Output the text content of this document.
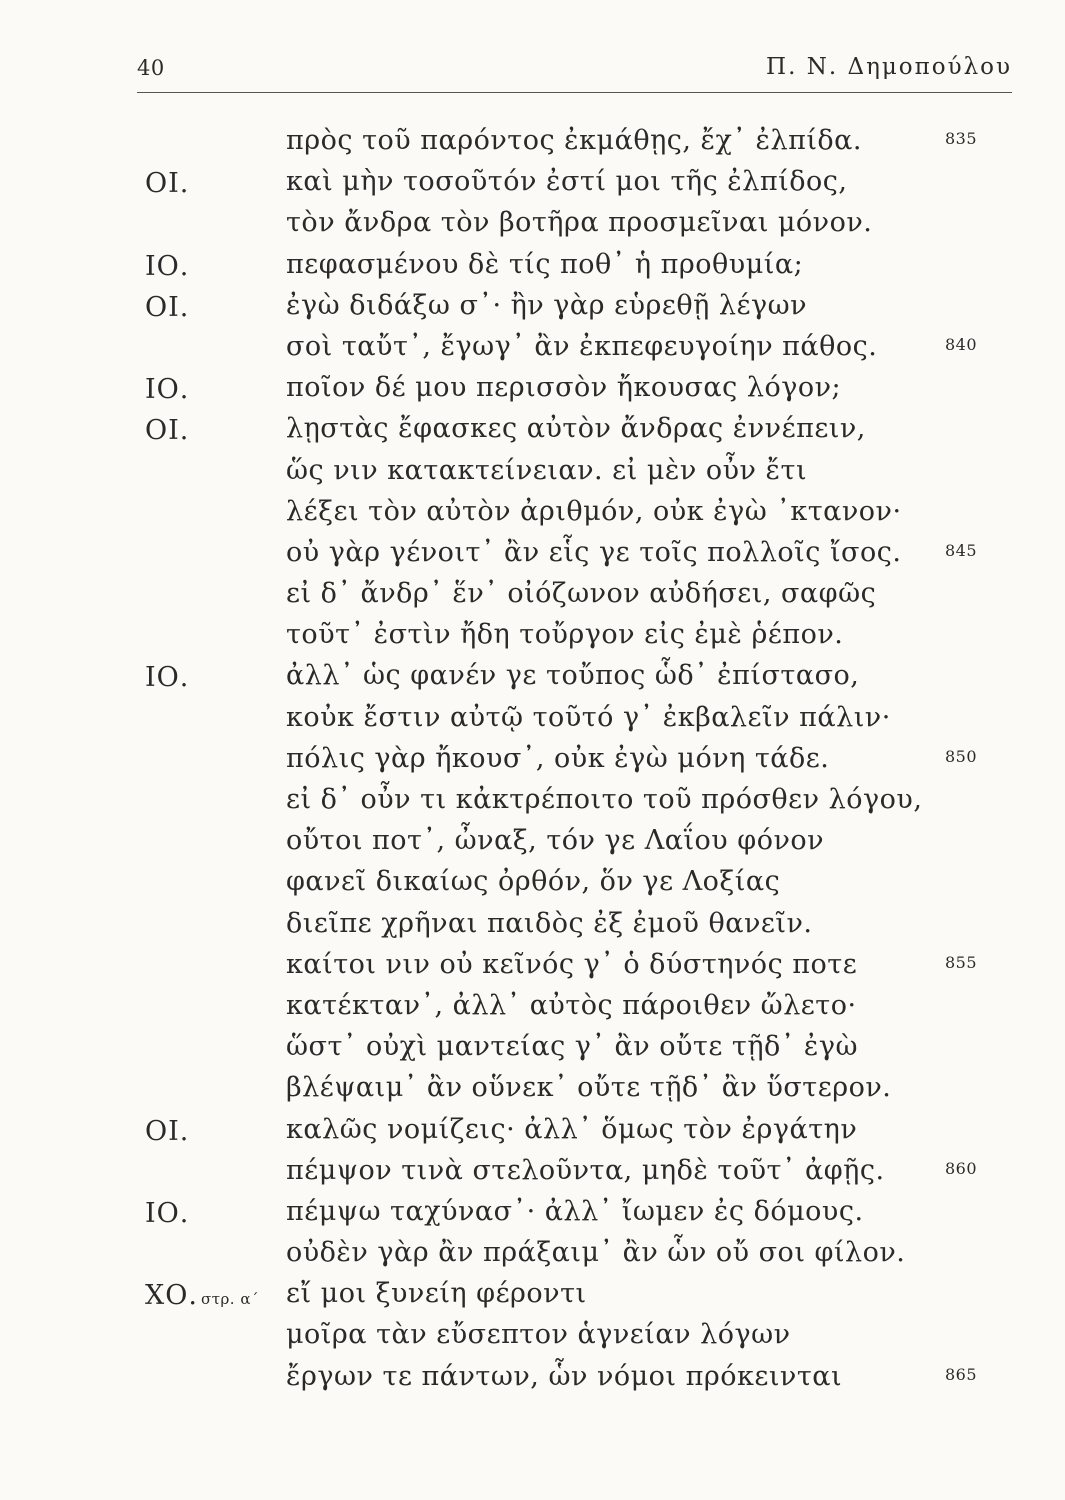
40	Π. Ν. Δημοπούλου
πρὸς τοῦ παρόντος ἐκμάθῃς, ἔχ᾽ ἐλπίδα.	835
ΟΙ.	καὶ μὴν τοσοῦτόν ἐστί μοι τῆς ἐλπίδος,
τὸν ἄνδρα τὸν βοτῆρα προσμεῖναι μόνον.
ΙΟ.	πεφασμένου δὲ τίς ποθ᾽ ἡ προθυμία;
ΟΙ.	ἐγὼ διδάξω σ᾽· ἢν γὰρ εὑρεθῇ λέγων
σοὶ ταὔτ᾽, ἔγωγ᾽ ἂν ἐκπεφευγοίην πάθος.	840
ΙΟ.	ποῖον δέ μου περισσὸν ἤκουσας λόγον;
ΟΙ.	λῃστὰς ἔφασκες αὐτὸν ἄνδρας ἐννέπειν,
ὥς νιν κατακτείνειαν. εἰ μὲν οὖν ἔτι
λέξει τὸν αὐτὸν ἀριθμόν, οὐκ ἐγὼ ᾽κτανον·
οὐ γὰρ γένοιτ᾽ ἂν εἷς γε τοῖς πολλοῖς ἴσος.	845
εἰ δ᾽ ἄνδρ᾽ ἕν᾽ οἰόζωνον αὐδήσει, σαφῶς
τοῦτ᾽ ἐστὶν ἤδη τοὔργον εἰς ἐμὲ ῥέπον.
ΙΟ.	ἀλλ᾽ ὡς φανέν γε τοὔπος ὧδ᾽ ἐπίστασο,
κοὐκ ἔστιν αὐτῷ τοῦτό γ᾽ ἐκβαλεῖν πάλιν·
πόλις γὰρ ἤκουσ᾽, οὐκ ἐγὼ μόνη τάδε.	850
εἰ δ᾽ οὖν τι κἀκτρέποιτο τοῦ πρόσθεν λόγου,
οὔτοι ποτ᾽, ὦναξ, τόν γε Λαΐου φόνον
φανεῖ δικαίως ὀρθόν, ὅν γε Λοξίας
διεῖπε χρῆναι παιδὸς ἐξ ἐμοῦ θανεῖν.
καίτοι νιν οὐ κεῖνός γ᾽ ὁ δύστηνός ποτε	855
κατέκταν᾽, ἀλλ᾽ αὐτὸς πάροιθεν ὤλετο·
ὥστ᾽ οὐχὶ μαντείας γ᾽ ἂν οὔτε τῇδ᾽ ἐγὼ
βλέψαιμ᾽ ἂν οὕνεκ᾽ οὔτε τῇδ᾽ ἂν ὕστερον.
ΟΙ.	καλῶς νομίζεις· ἀλλ᾽ ὅμως τὸν ἐργάτην
πέμψον τινὰ στελοῦντα, μηδὲ τοῦτ᾽ ἀφῇς.	860
ΙΟ.	πέμψω ταχύνασ᾽· ἀλλ᾽ ἴωμεν ἐς δόμους.
οὐδὲν γὰρ ἂν πράξαιμ᾽ ἂν ὧν οὔ σοι φίλον.
ΧΟ. στρ. α΄ εἴ μοι ξυνείη φέροντι
μοῖρα τὰν εὔσεπτον ἁγνείαν λόγων
ἔργων τε πάντων, ὧν νόμοι πρόκεινται	865
